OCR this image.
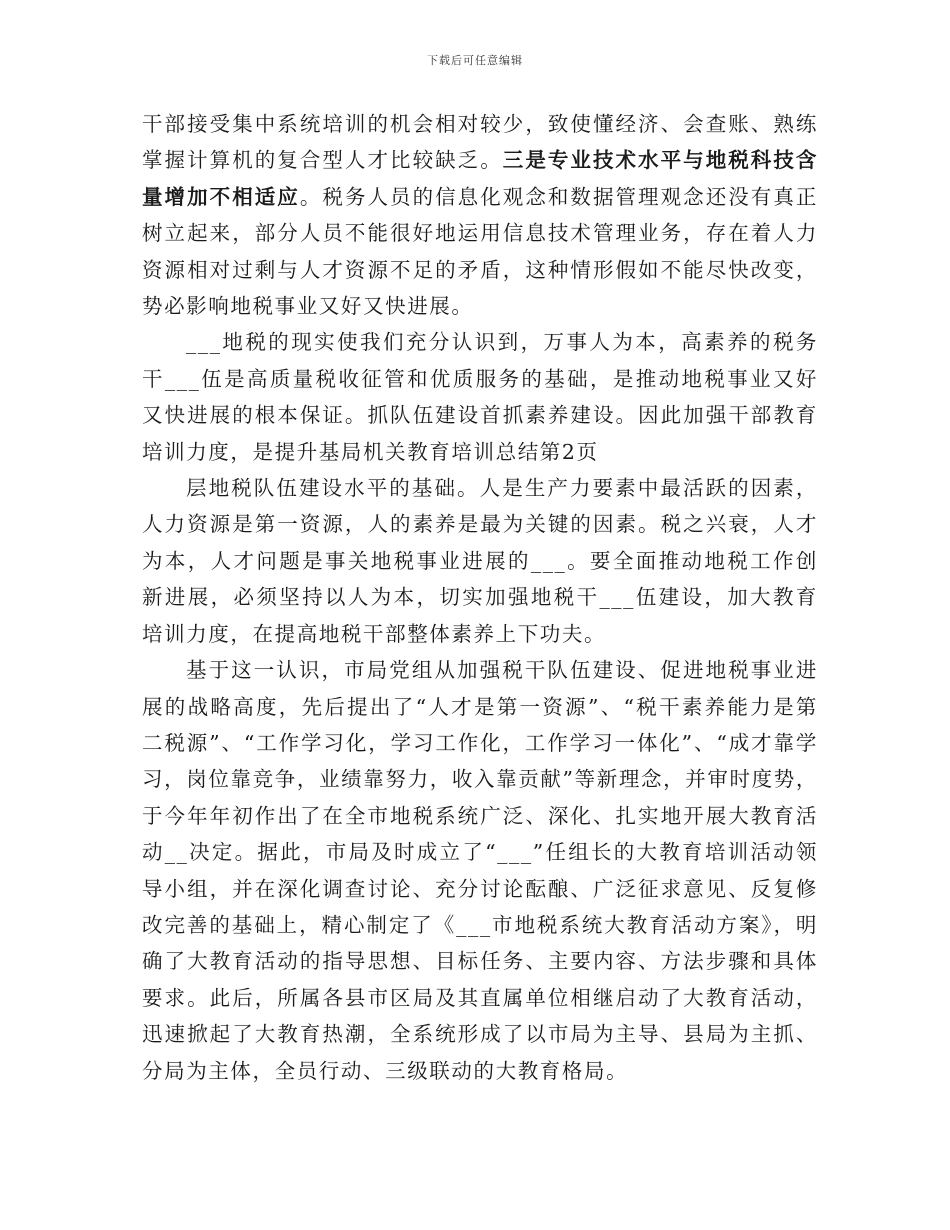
下载后可任意编辑

干部接受集中系统培训的机会相对较少，致使懂经济、会查账、熟练掌握计算机的复合型人才比较缺乏。三是专业技术水平与地税科技含量增加不相适应。税务人员的信息化观念和数据管理观念还没有真正树立起来，部分人员不能很好地运用信息技术管理业务，存在着人力资源相对过剩与人才资源不足的矛盾，这种情形假如不能尽快改变，势必影响地税事业又好又快进展。

___地税的现实使我们充分认识到，万事人为本，高素养的税务干___伍是高质量税收征管和优质服务的基础，是推动地税事业又好又快进展的根本保证。抓队伍建设首抓素养建设。因此加强干部教育培训力度，是提升基局机关教育培训总结第2页

层地税队伍建设水平的基础。人是生产力要素中最活跃的因素，人力资源是第一资源，人的素养是最为关键的因素。税之兴衰，人才为本，人才问题是事关地税事业进展的___。要全面推动地税工作创新进展，必须坚持以人为本，切实加强地税干___伍建设，加大教育培训力度，在提高地税干部整体素养上下功夫。

基于这一认识，市局党组从加强税干队伍建设、促进地税事业进展的战略高度，先后提出了“人才是第一资源”、“税干素养能力是第二税源”、“工作学习化，学习工作化，工作学习一体化”、“成才靠学习，岗位靠竞争，业绩靠努力，收入靠贡献”等新理念，并审时度势，于今年年初作出了在全市地税系统广泛、深化、扎实地开展大教育活动__决定。据此，市局及时成立了“___”任组长的大教育培训活动领导小组，并在深化调查讨论、充分讨论酝酿、广泛征求意见、反复修改完善的基础上，精心制定了《___市地税系统大教育活动方案》，明确了大教育活动的指导思想、目标任务、主要内容、方法步骤和具体要求。此后，所属各县市区局及其直属单位相继启动了大教育活动，迅速掀起了大教育热潮，全系统形成了以市局为主导、县局为主抓、分局为主体，全员行动、三级联动的大教育格局。
